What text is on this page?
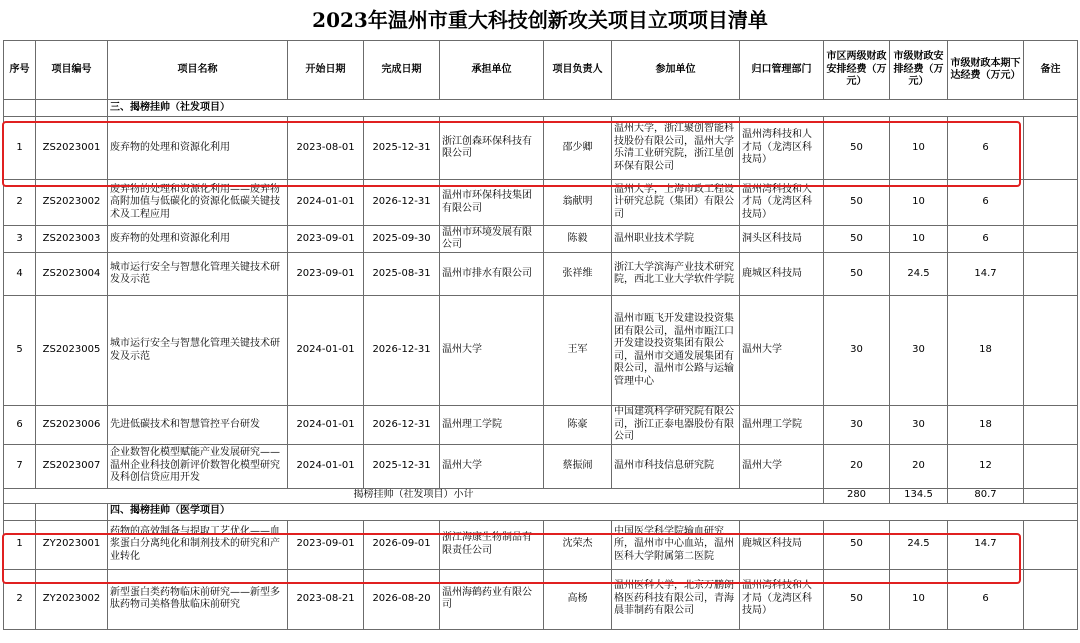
2023年温州市重大科技创新攻关项目立项项目清单
序号	项目编号	项目名称	开始日期	完成日期	承担单位	项目负责人	参加单位	归口管理部门	市区两级财政安排经费（万元）	市级财政安排经费（万元）	市级财政本期下达经费（万元）	备注
		三、揭榜挂帅（社发项目）										
1	ZS2023001	废弃物的处理和资源化利用	2023-08-01	2025-12-31	浙江创森环保科技有限公司	邵少卿	温州大学，浙江聚创智能科技股份有限公司，温州大学乐清工业研究院，浙江星创环保有限公司	温州湾科技和人才局（龙湾区科技局）	50	10	6	
2	ZS2023002	废弃物的处理和资源化利用——废弃物高附加值与低碳化的资源化低碳关键技术及工程应用	2024-01-01	2026-12-31	温州市环保科技集团有限公司	翁献明	温州大学，上海市政工程设计研究总院（集团）有限公司	温州湾科技和人才局（龙湾区科技局）	50	10	6	
3	ZS2023003	废弃物的处理和资源化利用	2023-09-01	2025-09-30	温州市环境发展有限公司	陈毅	温州职业技术学院	洞头区科技局	50	10	6	
4	ZS2023004	城市运行安全与智慧化管理关键技术研发及示范	2023-09-01	2025-08-31	温州市排水有限公司	张祥维	浙江大学滨海产业技术研究院，西北工业大学软件学院	鹿城区科技局	50	24.5	14.7	
5	ZS2023005	城市运行安全与智慧化管理关键技术研发及示范	2024-01-01	2026-12-31	温州大学	王军	温州市瓯飞开发建设投资集团有限公司，温州市瓯江口开发建设投资集团有限公司，温州市交通发展集团有限公司，温州市公路与运输管理中心	温州大学	30	30	18	
6	ZS2023006	先进低碳技术和智慧管控平台研发	2024-01-01	2026-12-31	温州理工学院	陈豪	中国建筑科学研究院有限公司，浙江正泰电器股份有限公司	温州理工学院	30	30	18	
7	ZS2023007	企业数智化模型赋能产业发展研究——温州企业科技创新评价数智化模型研究及科创信贷应用开发	2024-01-01	2025-12-31	温州大学	蔡振闹	温州市科技信息研究院	温州大学	20	20	12	
揭榜挂帅（社发项目）小计									280	134.5	80.7	
		四、揭榜挂帅（医学项目）										
1	ZY2023001	药物的高效制备与提取工艺优化——血浆蛋白分离纯化和制剂技术的研究和产业转化	2023-09-01	2026-09-01	浙江海康生物制品有限责任公司	沈荣杰	中国医学科学院输血研究所，温州市中心血站，温州医科大学附属第二医院	鹿城区科技局	50	24.5	14.7	
2	ZY2023002	新型蛋白类药物临床前研究——新型多肽药物司美格鲁肽临床前研究	2023-08-21	2026-08-20	温州海鹤药业有限公司	高杨	温州医科大学，北京万鹏朗格医药科技有限公司，青海晨菲制药有限公司	温州湾科技和人才局（龙湾区科技局）	50	10	6	
